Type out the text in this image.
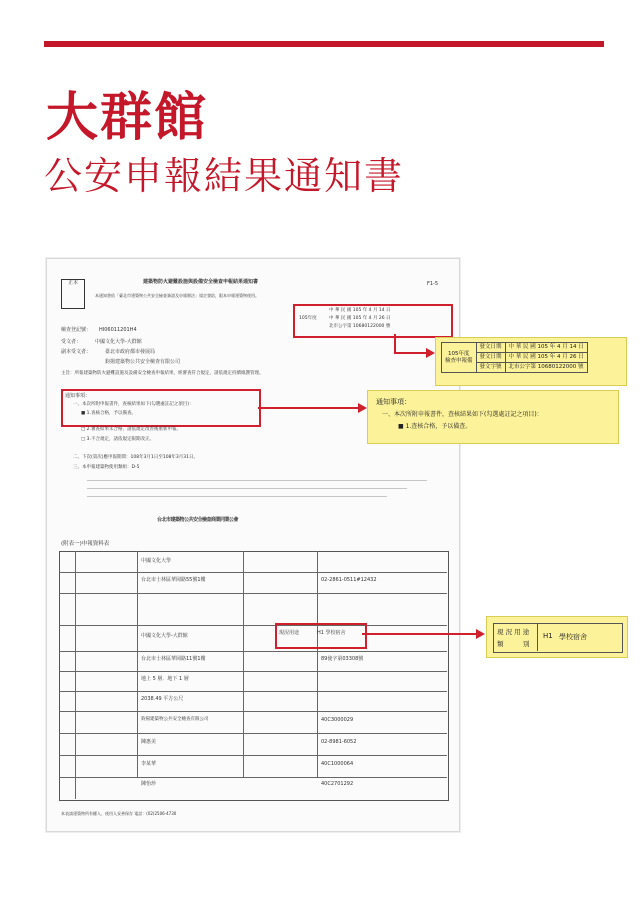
大群館
公安申報結果通知書
正本	建築物防火避難設施與設備安全檢查申報結果通知書	F1-5
本通知書依「臺北市建築物公共安全檢查簽證及申報辦法」規定發給，限本申報建築物使用。
105年度
中 華 民 國 105 年 4 月 14 日
中 華 民 國 105 年 4 月 26 日
北市公字第 10680122000 號
檢查登記號： HI06011201H4
受文者：	中國文化大學-大群館
副本受文者：	臺北市政府都市發展局
鈞揚建築物公共安全檢查有限公司
主旨：所報建築物防火避難設施及設備安全檢查申報結果，經審查符合規定，請依規定持續維護管理。
通知事項：
一、本次所附申報書件，查核結果如下(勾選處註記之項目)：
■ 1.查核合格，予以備查。
□ 2.審查結果未合格，請依規定改善後重新申報。
□ 3.不合規定，請依規定限期改正。
二、下次(第次)應申報期間：108年3月1日至108年3月31日。
三、本申報建築物使用類組：D-5
台北市建築物公共安全檢查商業同業公會
(附表一)申報資料表
中國文化大學
台北市士林區華岡路55號1樓	02-2861-0511#12432
中國文化大學-大群館
台北市士林區華岡路11號1樓	89使字第03308號
地上 5 層．地下 1 層
2038.49 平方公尺
鈞揚建築物公共安全檢查有限公司	40C3000029
陳惠美	02-8981-6052
李某華	40C1000064
陳怡珍	40C2701292
現況用途	H1 學校宿舍
本表請建築物所有權人、使用人妥善保存 電話：(02)2506-4730
105年度
檢查申報備	發文日期	中 華 民 國 105 年 4 月 14 日
	發文日期	中 華 民 國 105 年 4 月 26 日
	發文字號	北市公字第 10680122000 號
通知事項：
一、本次所附申報書件，查核結果如下(勾選處註記之項目)：
■ 1.查核合格，予以備查。
現 況 用 途
類　　　別
H1 學校宿舍
